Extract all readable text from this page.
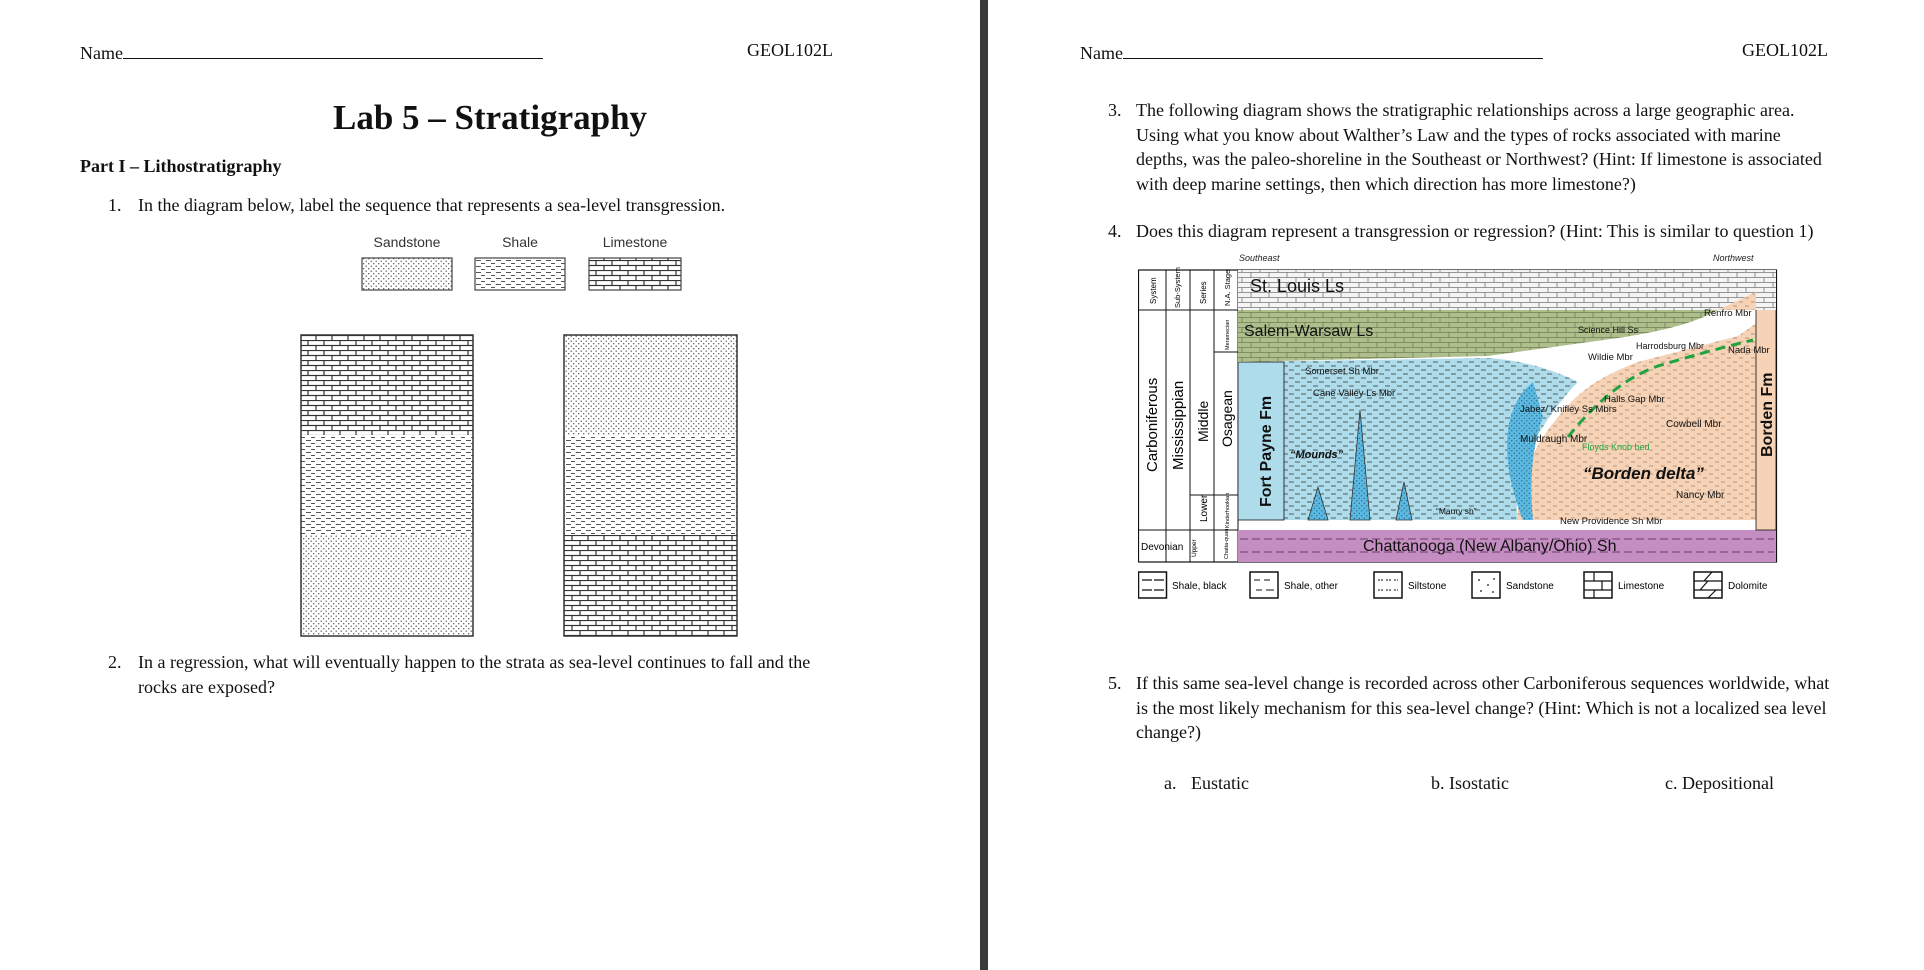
Name	GEOL102L
Lab 5 – Stratigraphy
Part I – Lithostratigraphy
1. In the diagram below, label the sequence that represents a sea-level transgression.
Sandstone	Shale	Limestone
2. In a regression, what will eventually happen to the strata as sea-level continues to fall and the
rocks are exposed?
Name	GEOL102L
3. The following diagram shows the stratigraphic relationships across a large geographic area.
Using what you know about Walther’s Law and the types of rocks associated with marine
depths, was the paleo-shoreline in the Southeast or Northwest? (Hint: If limestone is associated
with deep marine settings, then which direction has more limestone?)
4. Does this diagram represent a transgression or regression? (Hint: This is similar to question 1)
Southeast	Northwest
System Sub-System Series N.A. Stage
Carboniferous
Devonian
Mississippian Middle
Lower
Upper
Osagean
Meramecian
Kinderhookian
Chatta-quan	Chattanooga (New Albany/Ohio) Sh
St. Louis Ls
Salem-Warsaw Ls	Science Hill Ss
Renfro Mbr
Harrodsburg Mbr	Nada Mbr
Wildie Mbr
Somerset Sh Mbr
Cane Valley Ls Mbr
Halls Gap Mbr
Jabez/ Knifley Ss Mbrs
Cowbell Mbr
Fort Payne Fm “Mounds”
Muldraugh Mbr
Floyds Knob bed
“Borden delta”
Nancy Mbr
Borden Fm
“Maury sh”
New Providence Sh Mbr
Shale, black	Shale, other	Siltstone	Sandstone	Limestone	Dolomite
5. If this same sea-level change is recorded across other Carboniferous sequences worldwide, what
is the most likely mechanism for this sea-level change? (Hint: Which is not a localized sea level
change?)
a. Eustatic	b. Isostatic	c. Depositional
